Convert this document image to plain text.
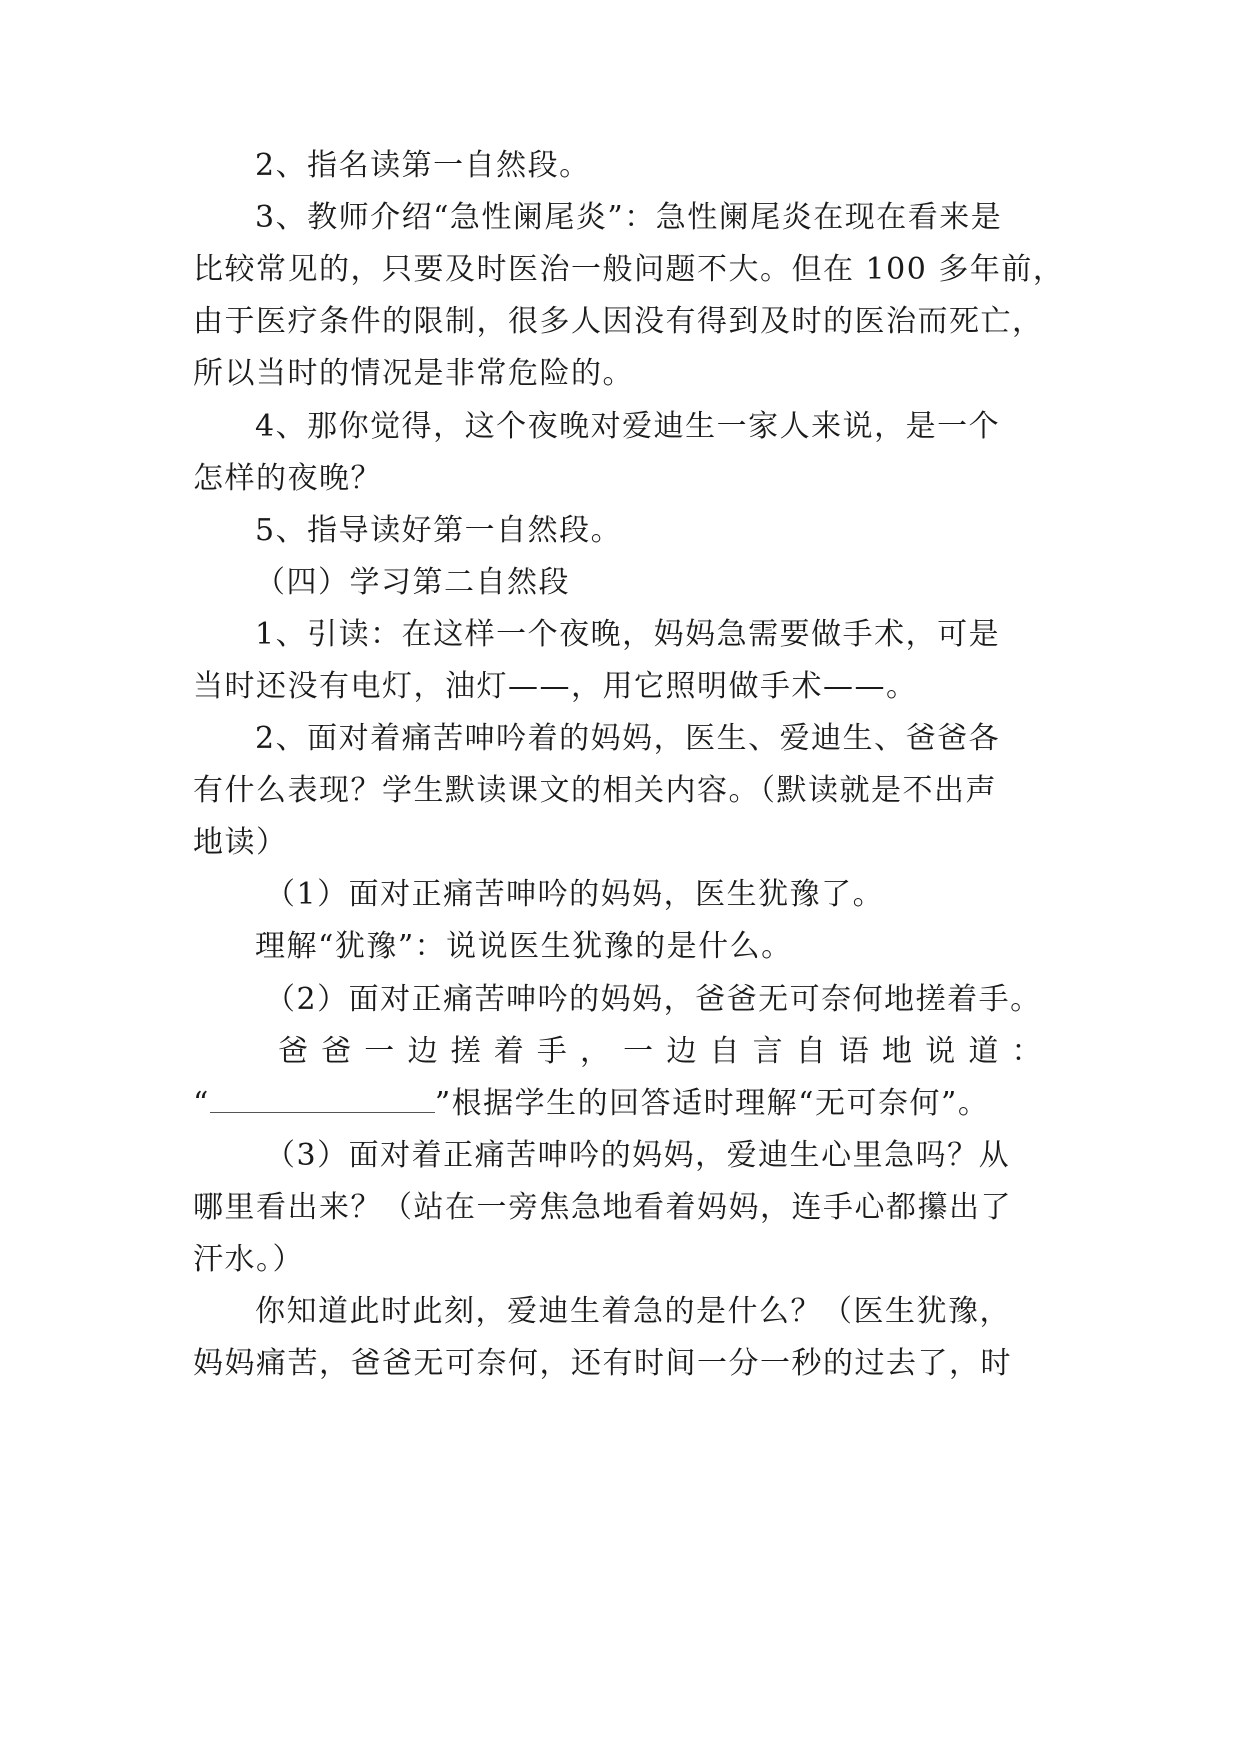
2、指名读第一自然段。
3、教师介绍“急性阑尾炎”：急性阑尾炎在现在看来是
比较常见的，只要及时医治一般问题不大。但在 100 多年前，
由于医疗条件的限制，很多人因没有得到及时的医治而死亡，
所以当时的情况是非常危险的。
4、那你觉得，这个夜晚对爱迪生一家人来说，是一个
怎样的夜晚？
5、指导读好第一自然段。
（四）学习第二自然段
1、引读：在这样一个夜晚，妈妈急需要做手术，可是
当时还没有电灯，油灯——，用它照明做手术——。
2、面对着痛苦呻吟着的妈妈，医生、爱迪生、爸爸各
有什么表现？学生默读课文的相关内容。（默读就是不出声
地读）
（1）面对正痛苦呻吟的妈妈，医生犹豫了。
理解“犹豫”：说说医生犹豫的是什么。
（2）面对正痛苦呻吟的妈妈，爸爸无可奈何地搓着手。
爸 爸 一 边 搓 着 手 ， 一 边 自 言 自 语 地 说 道 ：
“	”根据学生的回答适时理解“无可奈何”。
（3）面对着正痛苦呻吟的妈妈，爱迪生心里急吗？从
哪里看出来？（站在一旁焦急地看着妈妈，连手心都攥出了
汗水。）
你知道此时此刻，爱迪生着急的是什么？（医生犹豫，
妈妈痛苦，爸爸无可奈何，还有时间一分一秒的过去了，时
